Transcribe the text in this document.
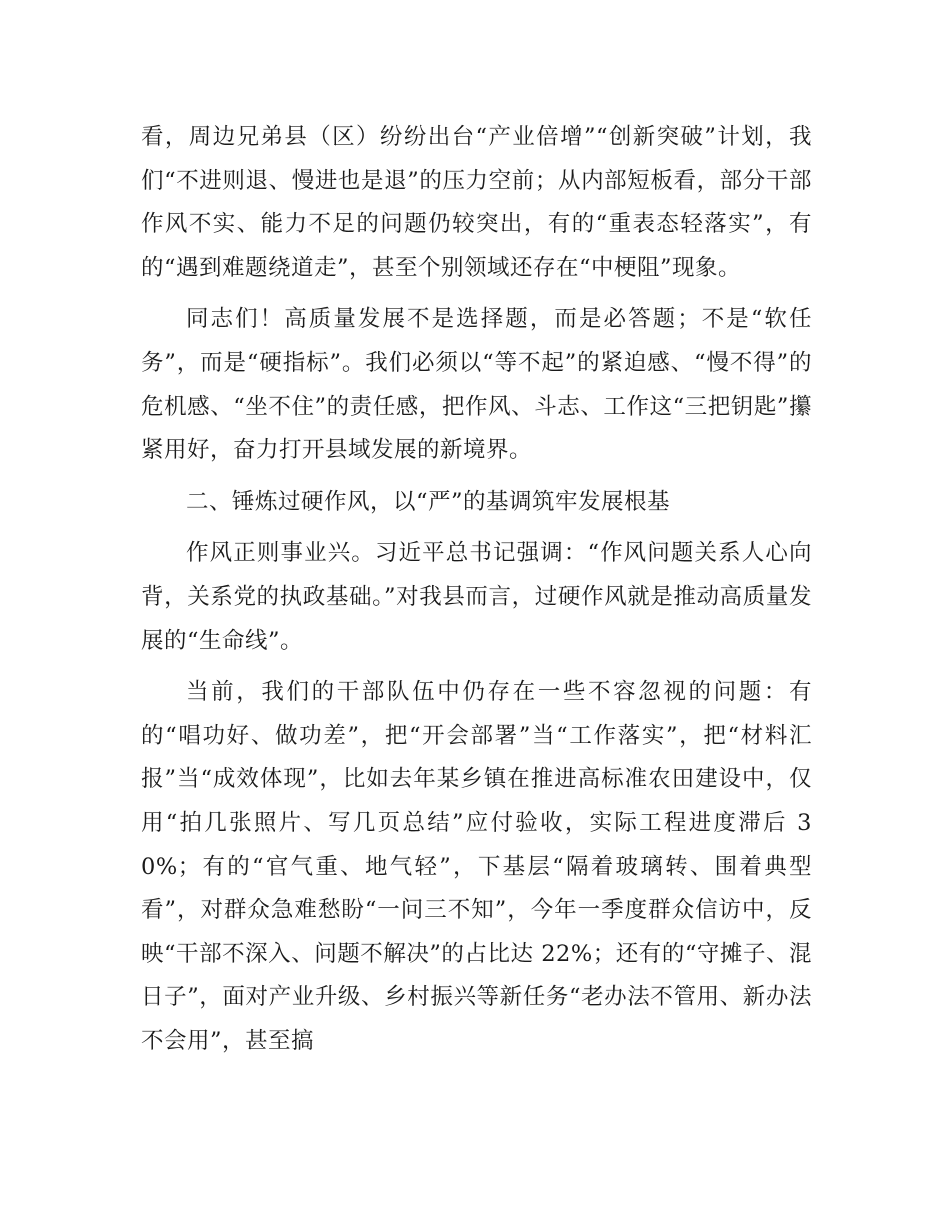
看，周边兄弟县（区）纷纷出台“产业倍增”“创新突破”计划，我们“不进则退、慢进也是退”的压力空前；从内部短板看，部分干部作风不实、能力不足的问题仍较突出，有的“重表态轻落实”，有的“遇到难题绕道走”，甚至个别领域还存在“中梗阻”现象。

同志们！高质量发展不是选择题，而是必答题；不是“软任务”，而是“硬指标”。我们必须以“等不起”的紧迫感、“慢不得”的危机感、“坐不住”的责任感，把作风、斗志、工作这“三把钥匙”攥紧用好，奋力打开县域发展的新境界。

二、锤炼过硬作风，以“严”的基调筑牢发展根基

作风正则事业兴。习近平总书记强调：“作风问题关系人心向背，关系党的执政基础。”对我县而言，过硬作风就是推动高质量发展的“生命线”。

当前，我们的干部队伍中仍存在一些不容忽视的问题：有的“唱功好、做功差”，把“开会部署”当“工作落实”，把“材料汇报”当“成效体现”，比如去年某乡镇在推进高标准农田建设中，仅用“拍几张照片、写几页总结”应付验收，实际工程进度滞后 30%；有的“官气重、地气轻”，下基层“隔着玻璃转、围着典型看”，对群众急难愁盼“一问三不知”，今年一季度群众信访中，反映“干部不深入、问题不解决”的占比达 22%；还有的“守摊子、混日子”，面对产业升级、乡村振兴等新任务“老办法不管用、新办法不会用”，甚至搞
